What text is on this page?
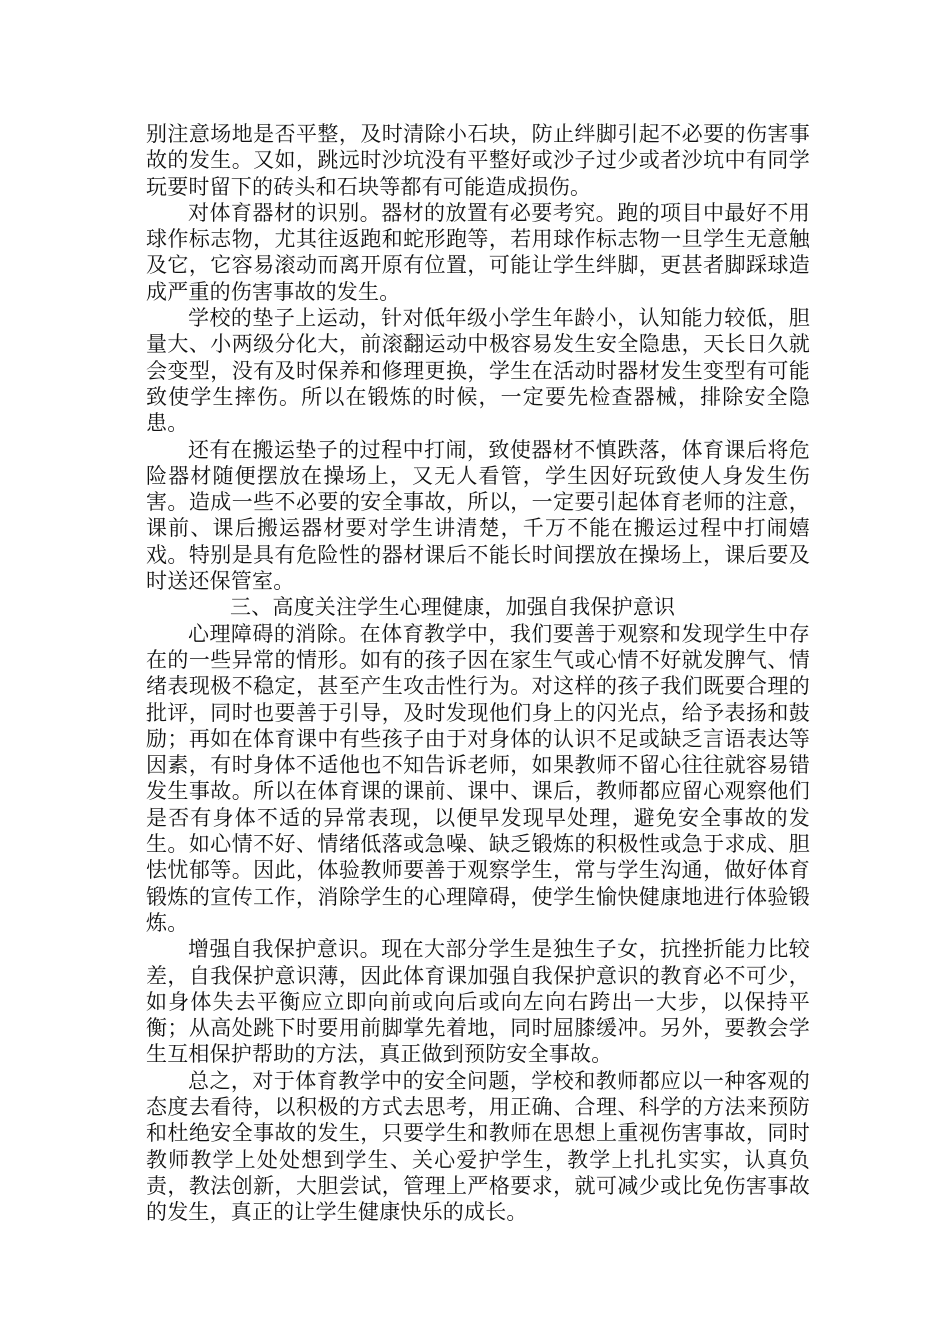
别注意场地是否平整，及时清除小石块，防止绊脚引起不必要的伤害事故的发生。又如，跳远时沙坑没有平整好或沙子过少或者沙坑中有同学玩要时留下的砖头和石块等都有可能造成损伤。

对体育器材的识别。器材的放置有必要考究。跑的项目中最好不用球作标志物，尤其往返跑和蛇形跑等，若用球作标志物一旦学生无意触及它，它容易滚动而离开原有位置，可能让学生绊脚，更甚者脚踩球造成严重的伤害事故的发生。

学校的垫子上运动，针对低年级小学生年龄小，认知能力较低，胆量大、小两级分化大，前滚翻运动中极容易发生安全隐患，天长日久就会变型，没有及时保养和修理更换，学生在活动时器材发生变型有可能致使学生摔伤。所以在锻炼的时候，一定要先检查器械，排除安全隐患。

还有在搬运垫子的过程中打闹，致使器材不慎跌落，体育课后将危险器材随便摆放在操场上，又无人看管，学生因好玩致使人身发生伤害。造成一些不必要的安全事故，所以，一定要引起体育老师的注意，课前、课后搬运器材要对学生讲清楚，千万不能在搬运过程中打闹嬉戏。特别是具有危险性的器材课后不能长时间摆放在操场上，课后要及时送还保管室。

三、高度关注学生心理健康，加强自我保护意识

心理障碍的消除。在体育教学中，我们要善于观察和发现学生中存在的一些异常的情形。如有的孩子因在家生气或心情不好就发脾气、情绪表现极不稳定，甚至产生攻击性行为。对这样的孩子我们既要合理的批评，同时也要善于引导，及时发现他们身上的闪光点，给予表扬和鼓励；再如在体育课中有些孩子由于对身体的认识不足或缺乏言语表达等因素，有时身体不适他也不知告诉老师，如果教师不留心往往就容易错发生事故。所以在体育课的课前、课中、课后，教师都应留心观察他们是否有身体不适的异常表现，以便早发现早处理，避免安全事故的发生。如心情不好、情绪低落或急噪、缺乏锻炼的积极性或急于求成、胆怯忧郁等。因此，体验教师要善于观察学生，常与学生沟通，做好体育锻炼的宣传工作，消除学生的心理障碍，使学生愉快健康地进行体验锻炼。

增强自我保护意识。现在大部分学生是独生子女，抗挫折能力比较差，自我保护意识薄，因此体育课加强自我保护意识的教育必不可少，如身体失去平衡应立即向前或向后或向左向右跨出一大步，以保持平衡；从高处跳下时要用前脚掌先着地，同时屈膝缓冲。另外，要教会学生互相保护帮助的方法，真正做到预防安全事故。

总之，对于体育教学中的安全问题，学校和教师都应以一种客观的态度去看待，以积极的方式去思考，用正确、合理、科学的方法来预防和杜绝安全事故的发生，只要学生和教师在思想上重视伤害事故，同时教师教学上处处想到学生、关心爱护学生，教学上扎扎实实，认真负责，教法创新，大胆尝试，管理上严格要求，就可减少或比免伤害事故的发生，真正的让学生健康快乐的成长。
